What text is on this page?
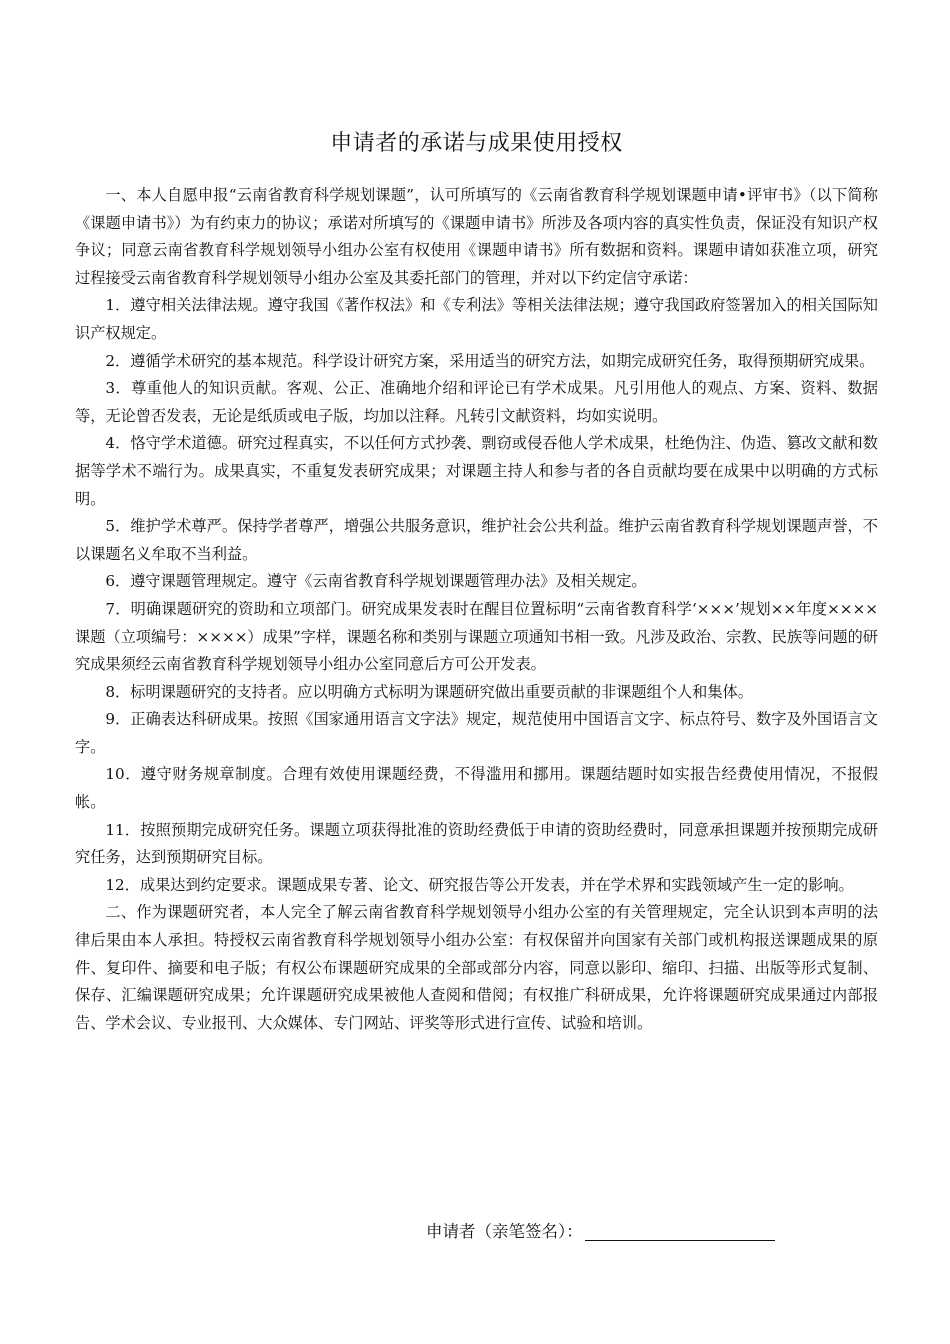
申请者的承诺与成果使用授权

一、本人自愿申报“云南省教育科学规划课题”，认可所填写的《云南省教育科学规划课题申请•评审书》（以下简称《课题申请书》）为有约束力的协议；承诺对所填写的《课题申请书》所涉及各项内容的真实性负责，保证没有知识产权争议；同意云南省教育科学规划领导小组办公室有权使用《课题申请书》所有数据和资料。课题申请如获准立项，研究过程接受云南省教育科学规划领导小组办公室及其委托部门的管理，并对以下约定信守承诺：

1．遵守相关法律法规。遵守我国《著作权法》和《专利法》等相关法律法规；遵守我国政府签署加入的相关国际知识产权规定。

2．遵循学术研究的基本规范。科学设计研究方案，采用适当的研究方法，如期完成研究任务，取得预期研究成果。

3．尊重他人的知识贡献。客观、公正、准确地介绍和评论已有学术成果。凡引用他人的观点、方案、资料、数据等，无论曾否发表，无论是纸质或电子版，均加以注释。凡转引文献资料，均如实说明。

4．恪守学术道德。研究过程真实，不以任何方式抄袭、剽窃或侵吞他人学术成果，杜绝伪注、伪造、篡改文献和数据等学术不端行为。成果真实，不重复发表研究成果；对课题主持人和参与者的各自贡献均要在成果中以明确的方式标明。

5．维护学术尊严。保持学者尊严，增强公共服务意识，维护社会公共利益。维护云南省教育科学规划课题声誉，不以课题名义牟取不当利益。

6．遵守课题管理规定。遵守《云南省教育科学规划课题管理办法》及相关规定。

7．明确课题研究的资助和立项部门。研究成果发表时在醒目位置标明“云南省教育科学‘×××’规划××年度××××课题（立项编号：××××）成果”字样，课题名称和类别与课题立项通知书相一致。凡涉及政治、宗教、民族等问题的研究成果须经云南省教育科学规划领导小组办公室同意后方可公开发表。

8．标明课题研究的支持者。应以明确方式标明为课题研究做出重要贡献的非课题组个人和集体。

9．正确表达科研成果。按照《国家通用语言文字法》规定，规范使用中国语言文字、标点符号、数字及外国语言文字。

10．遵守财务规章制度。合理有效使用课题经费，不得滥用和挪用。课题结题时如实报告经费使用情况，不报假帐。

11．按照预期完成研究任务。课题立项获得批准的资助经费低于申请的资助经费时，同意承担课题并按预期完成研究任务，达到预期研究目标。

12．成果达到约定要求。课题成果专著、论文、研究报告等公开发表，并在学术界和实践领域产生一定的影响。

二、作为课题研究者，本人完全了解云南省教育科学规划领导小组办公室的有关管理规定，完全认识到本声明的法律后果由本人承担。特授权云南省教育科学规划领导小组办公室：有权保留并向国家有关部门或机构报送课题成果的原件、复印件、摘要和电子版；有权公布课题研究成果的全部或部分内容，同意以影印、缩印、扫描、出版等形式复制、保存、汇编课题研究成果；允许课题研究成果被他人查阅和借阅；有权推广科研成果，允许将课题研究成果通过内部报告、学术会议、专业报刊、大众媒体、专门网站、评奖等形式进行宣传、试验和培训。

申请者（亲笔签名）：
